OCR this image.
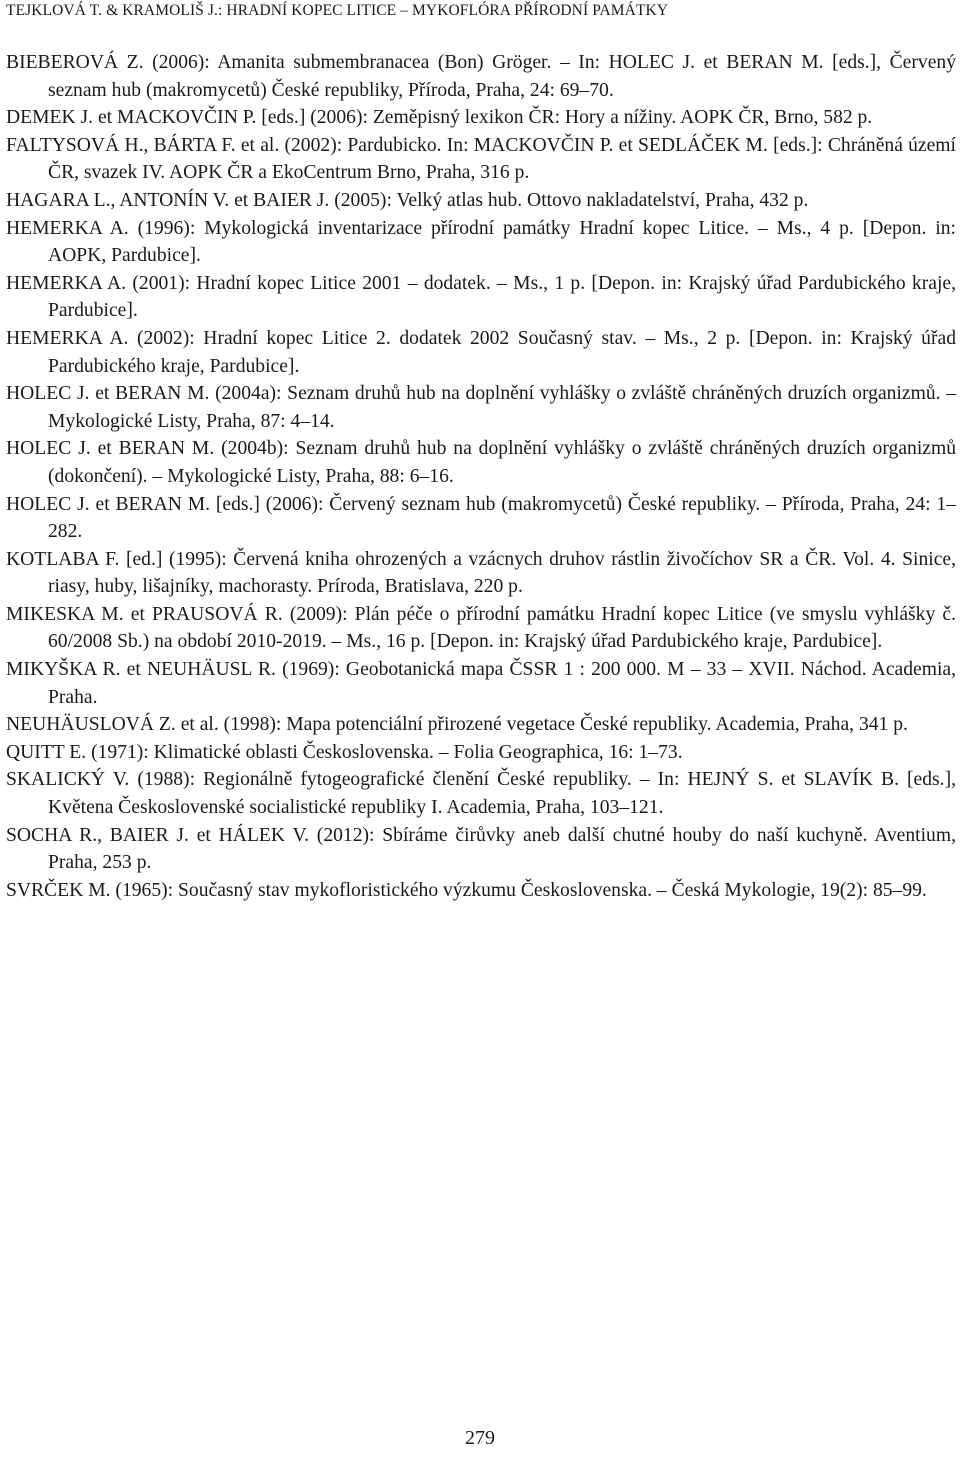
TEJKLOVÁ T. & KRAMOLIŠ J.: HRADNÍ KOPEC LITICE – MYKOFLÓRA PŘÍRODNÍ PAMÁTKY
BIEBEROVÁ Z. (2006): Amanita submembranacea (Bon) Gröger. – In: HOLEC J. et BERAN M. [eds.], Červený seznam hub (makromycetů) České republiky, Příroda, Praha, 24: 69–70.
DEMEK J. et MACKOVČIN P. [eds.] (2006): Zeměpisný lexikon ČR: Hory a nížiny. AOPK ČR, Brno, 582 p.
FALTYSOVÁ H., BÁRTA F. et al. (2002): Pardubicko. In: MACKOVČIN P. et SEDLÁČEK M. [eds.]: Chráněná území ČR, svazek IV. AOPK ČR a EkoCentrum Brno, Praha, 316 p.
HAGARA L., ANTONÍN V. et BAIER J. (2005): Velký atlas hub. Ottovo nakladatelství, Praha, 432 p.
HEMERKA A. (1996): Mykologická inventarizace přírodní památky Hradní kopec Litice. – Ms., 4 p. [Depon. in: AOPK, Pardubice].
HEMERKA A. (2001): Hradní kopec Litice 2001 – dodatek. – Ms., 1 p. [Depon. in: Krajský úřad Pardubického kraje, Pardubice].
HEMERKA A. (2002): Hradní kopec Litice 2. dodatek 2002 Současný stav. – Ms., 2 p. [Depon. in: Krajský úřad Pardubického kraje, Pardubice].
HOLEC J. et BERAN M. (2004a): Seznam druhů hub na doplnění vyhlášky o zvláště chráněných druzích organizmů. – Mykologické Listy, Praha, 87: 4–14.
HOLEC J. et BERAN M. (2004b): Seznam druhů hub na doplnění vyhlášky o zvláště chráněných druzích organizmů (dokončení). – Mykologické Listy, Praha, 88: 6–16.
HOLEC J. et BERAN M. [eds.] (2006): Červený seznam hub (makromycetů) České republiky. – Příroda, Praha, 24: 1–282.
KOTLABA F. [ed.] (1995): Červená kniha ohrozených a vzácnych druhov rástlin živočíchov SR a ČR. Vol. 4. Sinice, riasy, huby, lišajníky, machorasty. Príroda, Bratislava, 220 p.
MIKESKA M. et PRAUSOVÁ R. (2009): Plán péče o přírodní památku Hradní kopec Litice (ve smyslu vyhlášky č. 60/2008 Sb.) na období 2010-2019. – Ms., 16 p. [Depon. in: Krajský úřad Pardubického kraje, Pardubice].
MIKYŠKA R. et NEUHÄUSL R. (1969): Geobotanická mapa ČSSR 1 : 200 000. M – 33 – XVII. Náchod. Academia, Praha.
NEUHÄUSLOVÁ Z. et al. (1998): Mapa potenciální přirozené vegetace České republiky. Academia, Praha, 341 p.
QUITT E. (1971): Klimatické oblasti Československa. – Folia Geographica, 16: 1–73.
SKALICKÝ V. (1988): Regionálně fytogeografické členění České republiky. – In: HEJNÝ S. et SLAVÍK B. [eds.], Květena Československé socialistické republiky I. Academia, Praha, 103–121.
SOCHA R., BAIER J. et HÁLEK V. (2012): Sbíráme čirůvky aneb další chutné houby do naší kuchyně. Aventium, Praha, 253 p.
SVRČEK M. (1965): Současný stav mykofloristického výzkumu Československa. – Česká Mykologie, 19(2): 85–99.
279
